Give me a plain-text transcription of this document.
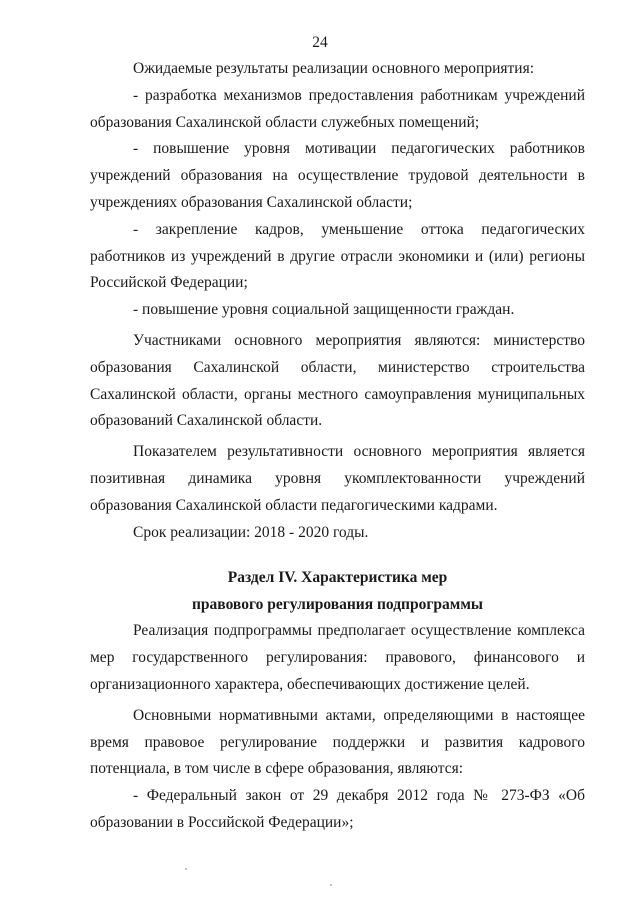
24

Ожидаемые результаты реализации основного мероприятия:

- разработка механизмов предоставления работникам учреждений образования Сахалинской области служебных помещений;

- повышение уровня мотивации педагогических работников учреждений образования на осуществление трудовой деятельности в учреждениях образования Сахалинской области;

- закрепление кадров, уменьшение оттока педагогических работников из учреждений в другие отрасли экономики и (или) регионы Российской Федерации;

- повышение уровня социальной защищенности граждан.

Участниками основного мероприятия являются: министерство образования Сахалинской области, министерство строительства Сахалинской области, органы местного самоуправления муниципальных образований Сахалинской области.

Показателем результативности основного мероприятия является позитивная динамика уровня укомплектованности учреждений образования Сахалинской области педагогическими кадрами.

Срок реализации: 2018 - 2020 годы.

Раздел IV. Характеристика мер

правового регулирования подпрограммы

Реализация подпрограммы предполагает осуществление комплекса мер государственного регулирования: правового, финансового и организационного характера, обеспечивающих достижение целей.

Основными нормативными актами, определяющими в настоящее время правовое регулирование поддержки и развития кадрового потенциала, в том числе в сфере образования, являются:

- Федеральный закон от 29 декабря 2012 года № 273-ФЗ «Об образовании в Российской Федерации»;
